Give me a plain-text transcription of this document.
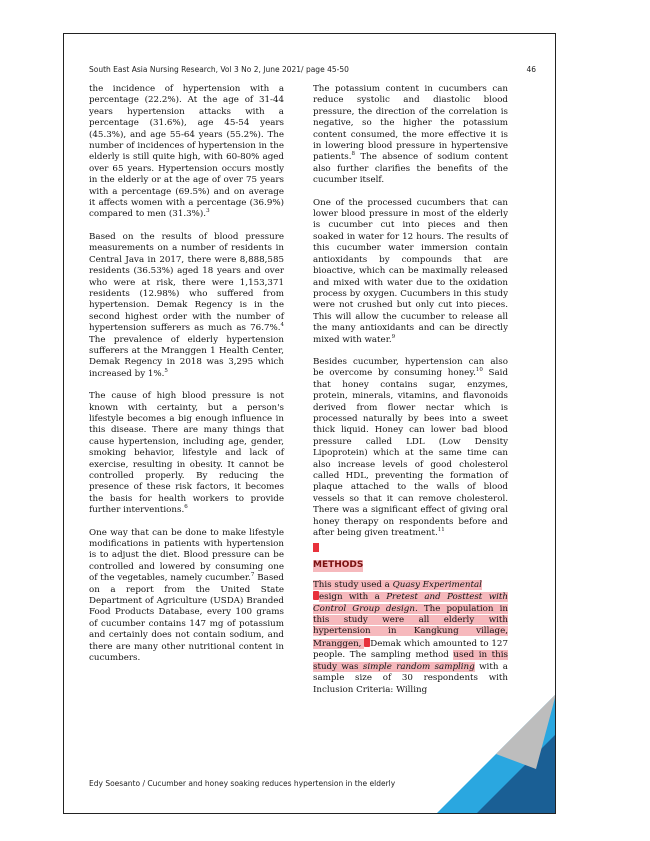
South East Asia Nursing Research, Vol 3 No 2, June 2021/ page 45-50	46

the incidence of hypertension with a percentage (22.2%). At the age of 31-44 years hypertension attacks with a percentage (31.6%), age 45-54 years (45.3%), and age 55-64 years (55.2%). The number of incidences of hypertension in the elderly is still quite high, with 60-80% aged over 65 years. Hypertension occurs mostly in the elderly or at the age of over 75 years with a percentage (69.5%) and on average it affects women with a percentage (36.9%) compared to men (31.3%).$^3$

Based on the results of blood pressure measurements on a number of residents in Central Java in 2017, there were 8,888,585 residents (36.53%) aged 18 years and over who were at risk, there were 1,153,371 residents (12.98%) who suffered from hypertension. Demak Regency is in the second highest order with the number of hypertension sufferers as much as 76.7%.$^4$ The prevalence of elderly hypertension sufferers at the Mranggen 1 Health Center, Demak Regency in 2018 was 3,295 which increased by 1%.$^5$

The cause of high blood pressure is not known with certainty, but a person's lifestyle becomes a big enough influence in this disease. There are many things that cause hypertension, including age, gender, smoking behavior, lifestyle and lack of exercise, resulting in obesity. It cannot be controlled properly. By reducing the presence of these risk factors, it becomes the basis for health workers to provide further interventions.$^6$

One way that can be done to make lifestyle modifications in patients with hypertension is to adjust the diet. Blood pressure can be controlled and lowered by consuming one of the vegetables, namely cucumber.$^7$ Based on a report from the United State Department of Agriculture (USDA) Branded Food Products Database, every 100 grams of cucumber contains 147 mg of potassium and certainly does not contain sodium, and there are many other nutritional content in cucumbers.

The potassium content in cucumbers can reduce systolic and diastolic blood pressure, the direction of the correlation is negative, so the higher the potassium content consumed, the more effective it is in lowering blood pressure in hypertensive patients.$^8$ The absence of sodium content also further clarifies the benefits of the cucumber itself.

One of the processed cucumbers that can lower blood pressure in most of the elderly is cucumber cut into pieces and then soaked in water for 12 hours. The results of this cucumber water immersion contain antioxidants by compounds that are bioactive, which can be maximally released and mixed with water due to the oxidation process by oxygen. Cucumbers in this study were not crushed but only cut into pieces. This will allow the cucumber to release all the many antioxidants and can be directly mixed with water.$^9$

Besides cucumber, hypertension can also be overcome by consuming honey.$^{10}$ Said that honey contains sugar, enzymes, protein, minerals, vitamins, and flavonoids derived from flower nectar which is processed naturally by bees into a sweet thick liquid. Honey can lower bad blood pressure called LDL (Low Density Lipoprotein) which at the same time can also increase levels of good cholesterol called HDL, preventing the formation of plaque attached to the walls of blood vessels so that it can remove cholesterol. There was a significant effect of giving oral honey therapy on respondents before and after being given treatment.$^{11}$

METHODS

This study used a Quasy Experimental
esign with a Pretest and Posttest with Control Group design. The population in this study were all elderly with hypertension in Kangkung village, Mranggen, Demak which amounted to 127 people. The sampling method used in this study was simple random sampling with a sample size of 30 respondents with Inclusion Criteria: Willing

Edy Soesanto / Cucumber and honey soaking reduces hypertension in the elderly
